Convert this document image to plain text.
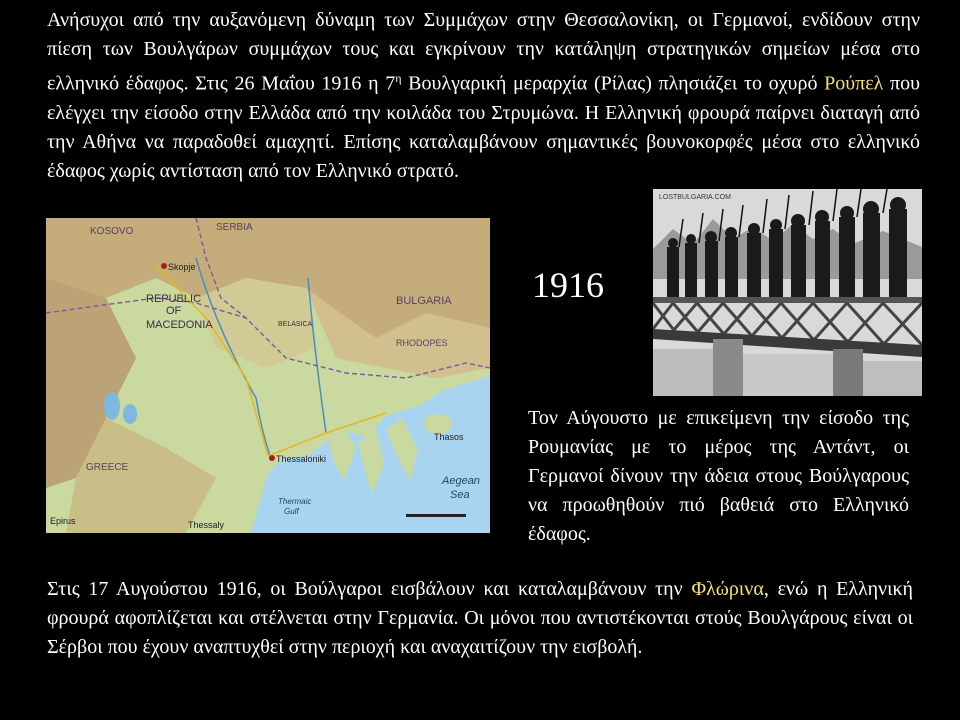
Ανήσυχοι από την αυξανόμενη δύναμη των Συμμάχων στην Θεσσαλονίκη, οι Γερμανοί, ενδίδουν στην πίεση των Βουλγάρων συμμάχων τους και εγκρίνουν την κατάληψη στρατηγικών σημείων μέσα στο ελληνικό έδαφος. Στις 26 Μαΐου 1916 η $7^\eta$ Βουλγαρική μεραρχία (Ρίλας) πλησιάζει το οχυρό Ρούπελ που ελέγχει την είσοδο στην Ελλάδα από την κοιλάδα του Στρυμώνα. Η Ελληνική φρουρά παίρνει διαταγή από την Αθήνα να παραδοθεί αμαχητί. Επίσης καταλαμβάνουν σημαντικές βουνοκορφές μέσα στο ελληνικό έδαφος χωρίς αντίσταση από τον Ελληνικό στρατό.

KOSOVO	SERBIA
BULGARIA
REPUBLIC
OF
MACEDONIA
RHODOPES
Skopje
Thessaloniki
Thasos
Aegean
Sea
GREECE
Epirus	Thessaly
Thermaic
Gulf
BELASICA
1916
LOSTBULGARIA.COM

Τον Αύγουστο με επικείμενη την είσοδο της Ρουμανίας με το μέρος της Αντάντ, οι Γερμανοί δίνουν την άδεια στους Βούλγαρους να προωθηθούν πιό βαθειά στο Ελληνικό έδαφος.

Στις 17 Αυγούστου 1916, οι Βούλγαροι εισβάλουν και καταλαμβάνουν την Φλώρινα, ενώ η Ελληνική φρουρά αφοπλίζεται και στέλνεται στην Γερμανία. Οι μόνοι που αντιστέκονται στούς Βουλγάρους είναι οι Σέρβοι που έχουν αναπτυχθεί στην περιοχή και αναχαιτίζουν την εισβολή.
